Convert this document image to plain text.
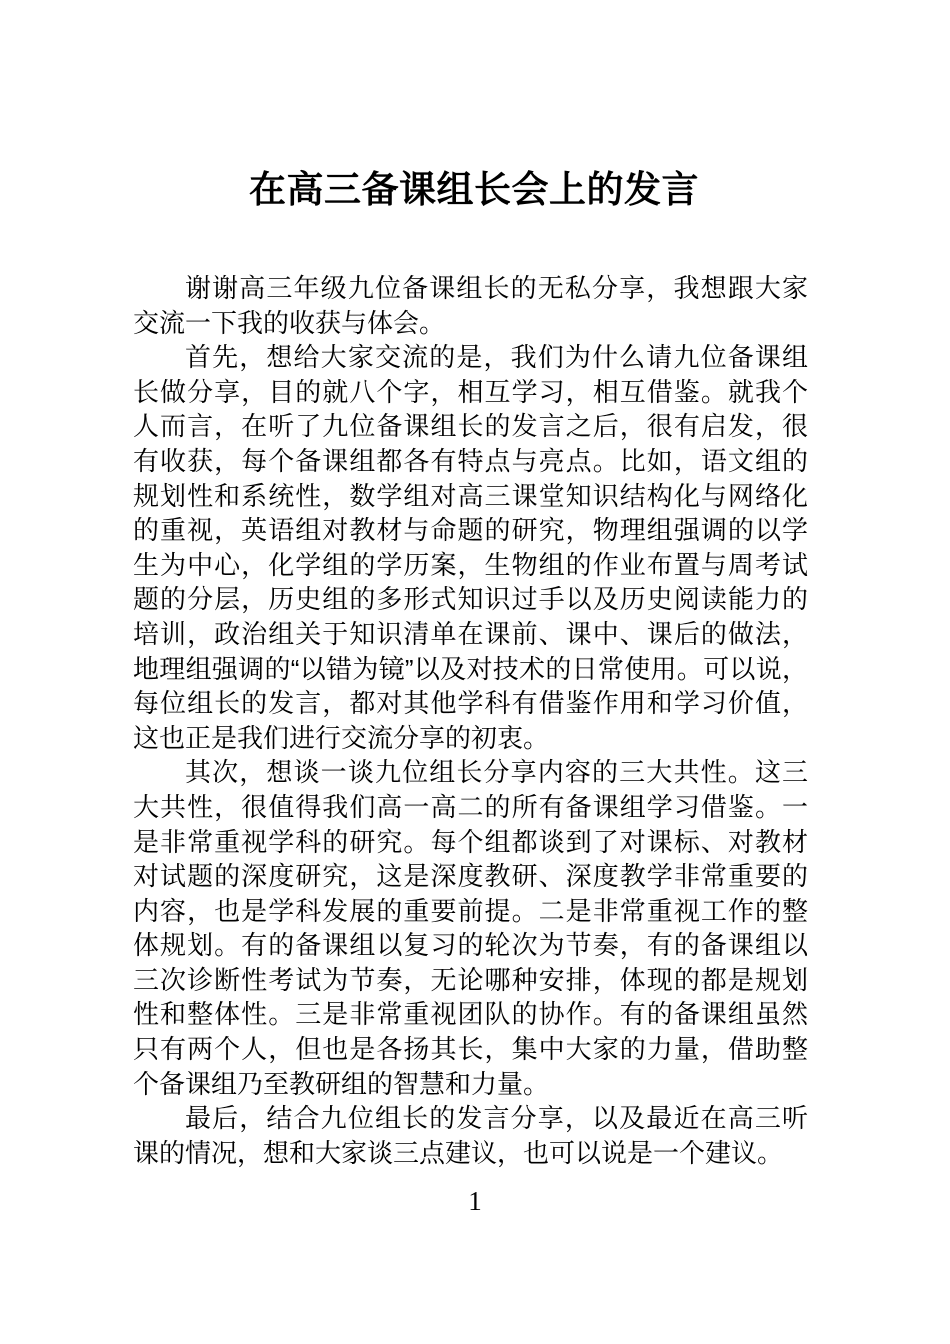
在高三备课组长会上的发言

谢谢高三年级九位备课组长的无私分享，我想跟大家交流一下我的收获与体会。

首先，想给大家交流的是，我们为什么请九位备课组长做分享，目的就八个字，相互学习，相互借鉴。就我个人而言，在听了九位备课组长的发言之后，很有启发，很有收获，每个备课组都各有特点与亮点。比如，语文组的规划性和系统性，数学组对高三课堂知识结构化与网络化的重视，英语组对教材与命题的研究，物理组强调的以学生为中心，化学组的学历案，生物组的作业布置与周考试题的分层，历史组的多形式知识过手以及历史阅读能力的培训，政治组关于知识清单在课前、课中、课后的做法，地理组强调的“以错为镜”以及对技术的日常使用。可以说，每位组长的发言，都对其他学科有借鉴作用和学习价值，这也正是我们进行交流分享的初衷。

其次，想谈一谈九位组长分享内容的三大共性。这三大共性，很值得我们高一高二的所有备课组学习借鉴。一是非常重视学科的研究。每个组都谈到了对课标、对教材对试题的深度研究，这是深度教研、深度教学非常重要的内容，也是学科发展的重要前提。二是非常重视工作的整体规划。有的备课组以复习的轮次为节奏，有的备课组以三次诊断性考试为节奏，无论哪种安排，体现的都是规划性和整体性。三是非常重视团队的协作。有的备课组虽然只有两个人，但也是各扬其长，集中大家的力量，借助整个备课组乃至教研组的智慧和力量。

最后，结合九位组长的发言分享，以及最近在高三听课的情况，想和大家谈三点建议，也可以说是一个建议。

1
